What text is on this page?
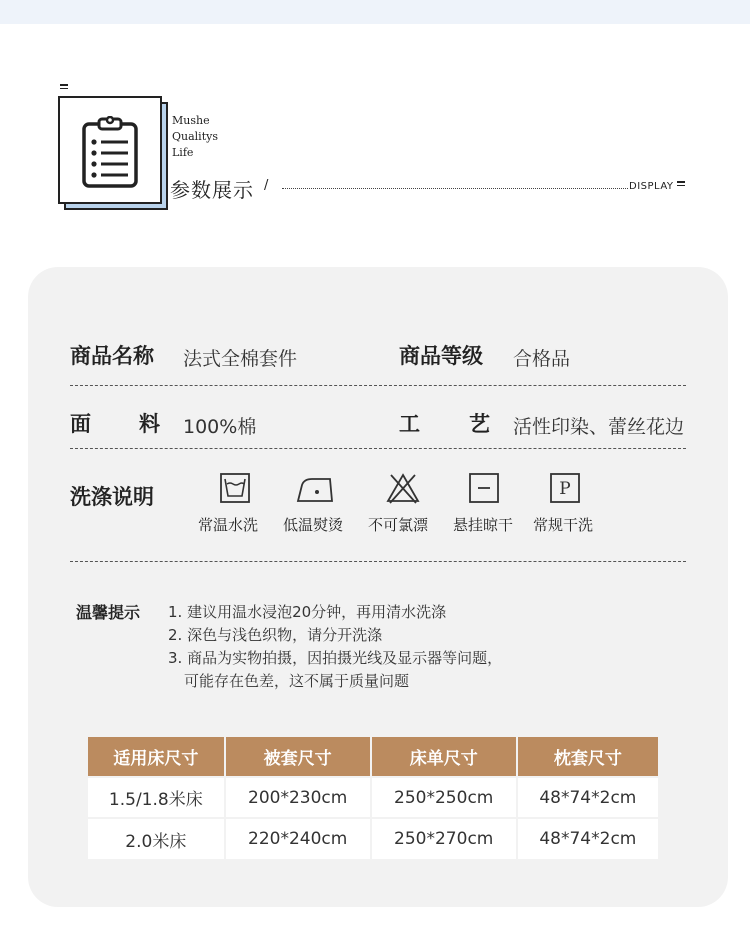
Mushe
Qualitys
Life
参数展示 /	DISPLAY
商品名称 法式全棉套件	商品等级 合格品
面 料 100%棉	工 艺 活性印染、蕾丝花边
洗涤说明	P
常温水洗 低温熨烫 不可氯漂 悬挂晾干 常规干洗
温馨提示 1. 建议用温水浸泡20分钟，再用清水洗涤
2. 深色与浅色织物，请分开洗涤
3. 商品为实物拍摄，因拍摄光线及显示器等问题，
可能存在色差，这不属于质量问题
适用床尺寸	被套尺寸	床单尺寸	枕套尺寸
1.5/1.8米床	200*230cm	250*250cm	48*74*2cm
2.0米床	220*240cm	250*270cm	48*74*2cm
